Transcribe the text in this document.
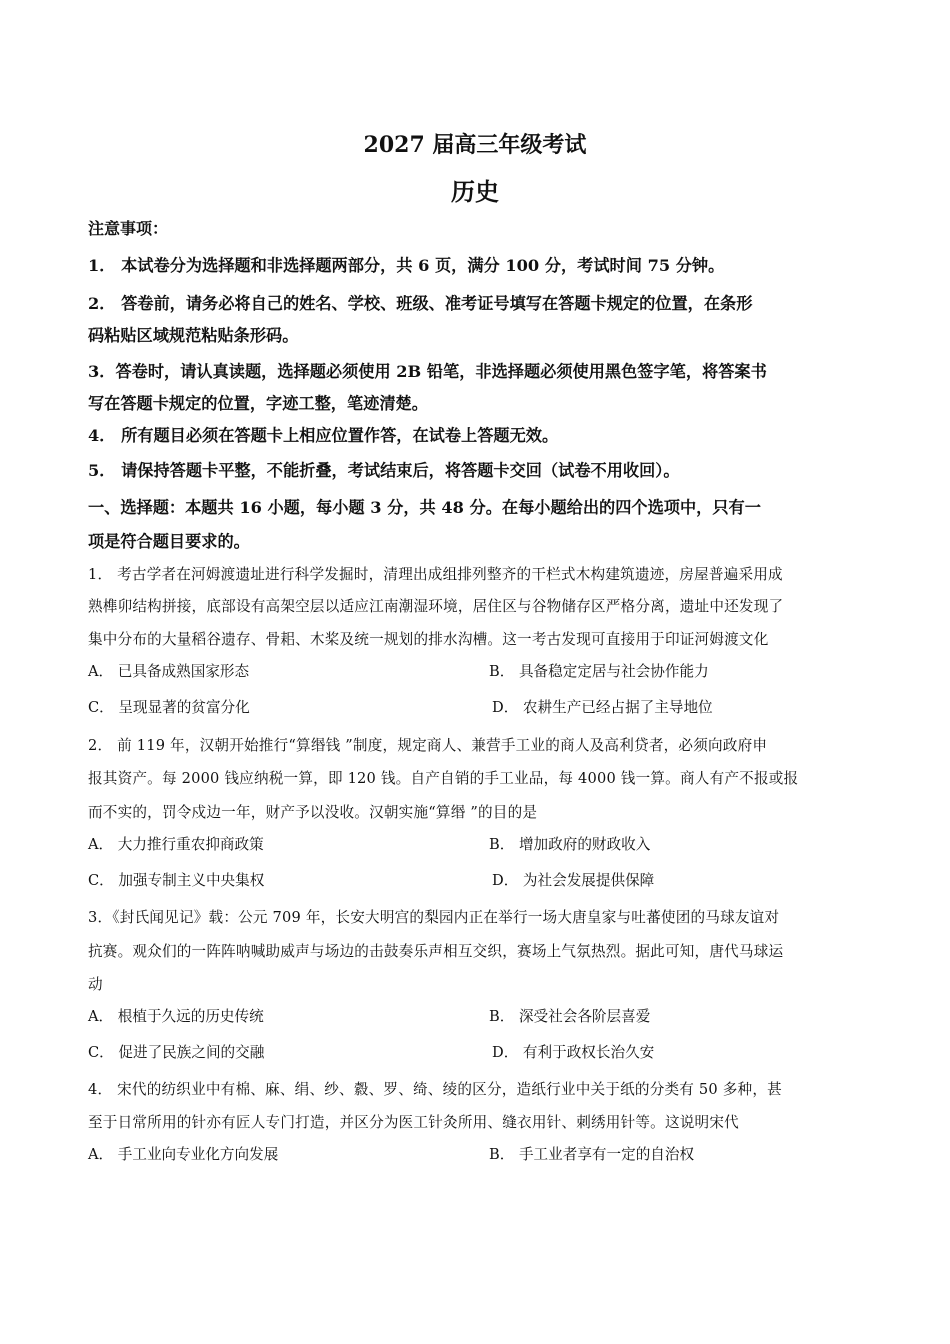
2027 届高三年级考试
历史
注意事项：
1． 本试卷分为选择题和非选择题两部分，共 6 页，满分 100 分，考试时间 75 分钟。
2． 答卷前，请务必将自己的姓名、学校、班级、准考证号填写在答题卡规定的位置，在条形
码粘贴区域规范粘贴条形码。
3．答卷时，请认真读题，选择题必须使用 2B 铅笔，非选择题必须使用黑色签字笔，将答案书
写在答题卡规定的位置，字迹工整，笔迹清楚。
4． 所有题目必须在答题卡上相应位置作答，在试卷上答题无效。
5． 请保持答题卡平整，不能折叠，考试结束后，将答题卡交回（试卷不用收回）。
一、选择题：本题共 16 小题，每小题 3 分，共 48 分。在每小题给出的四个选项中，只有一
项是符合题目要求的。
1． 考古学者在河姆渡遗址进行科学发掘时，清理出成组排列整齐的干栏式木构建筑遗迹，房屋普遍采用成
熟榫卯结构拼接，底部设有高架空层以适应江南潮湿环境，居住区与谷物储存区严格分离，遗址中还发现了
集中分布的大量稻谷遗存、骨耜、木桨及统一规划的排水沟槽。这一考古发现可直接用于印证河姆渡文化
A． 已具备成熟国家形态	B． 具备稳定定居与社会协作能力
C． 呈现显著的贫富分化	D． 农耕生产已经占据了主导地位
2． 前 119 年，汉朝开始推行“算缗钱 ”制度，规定商人、兼营手工业的商人及高利贷者，必须向政府申
报其资产。每 2000 钱应纳税一算，即 120 钱。自产自销的手工业品，每 4000 钱一算。商人有产不报或报
而不实的，罚令戍边一年，财产予以没收。汉朝实施“算缗 ”的目的是
A． 大力推行重农抑商政策	B． 增加政府的财政收入
C． 加强专制主义中央集权	D． 为社会发展提供保障
3．《封氏闻见记》载：公元 709 年，长安大明宫的梨园内正在举行一场大唐皇家与吐蕃使团的马球友谊对
抗赛。观众们的一阵阵呐喊助威声与场边的击鼓奏乐声相互交织，赛场上气氛热烈。据此可知，唐代马球运
动
A． 根植于久远的历史传统	B． 深受社会各阶层喜爱
C． 促进了民族之间的交融	D． 有利于政权长治久安
4． 宋代的纺织业中有棉、麻、绢、纱、縠、罗、绮、绫的区分，造纸行业中关于纸的分类有 50 多种，甚
至于日常所用的针亦有匠人专门打造，并区分为医工针灸所用、缝衣用针、刺绣用针等。这说明宋代
A． 手工业向专业化方向发展	B． 手工业者享有一定的自治权
